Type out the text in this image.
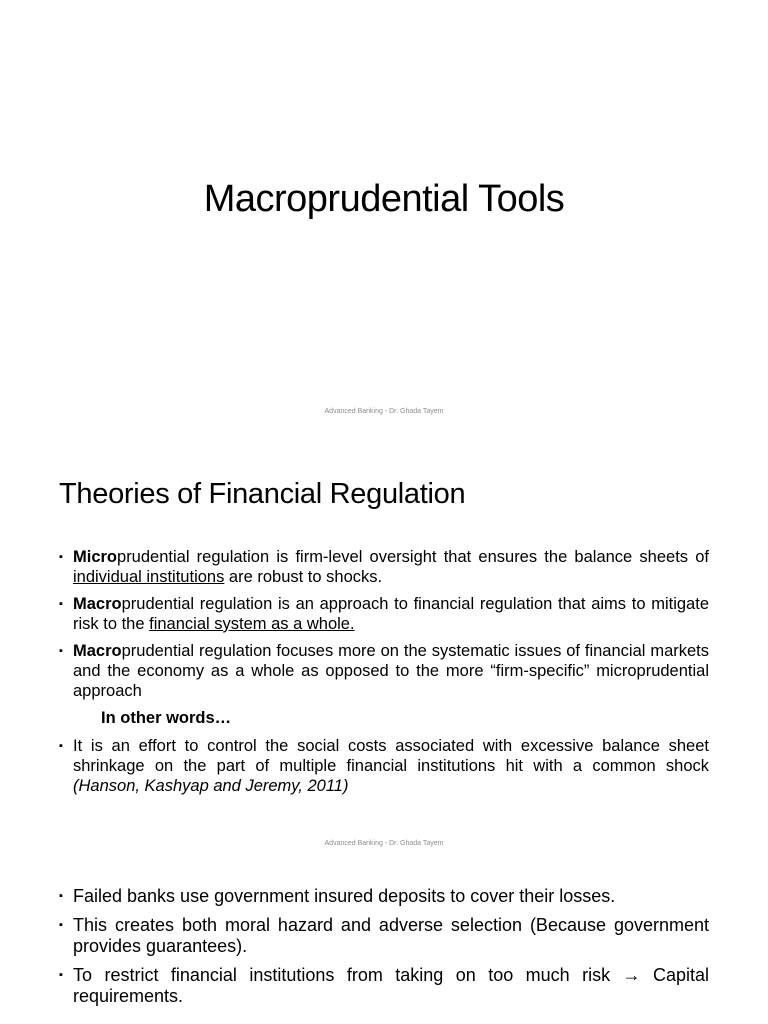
Macroprudential Tools
Advanced Banking - Dr. Ghada Tayem
Theories of Financial Regulation
▪ Microprudential regulation is firm-level oversight that ensures the balance sheets of individual institutions are robust to shocks.
▪ Macroprudential regulation is an approach to financial regulation that aims to mitigate risk to the financial system as a whole.
▪ Macroprudential regulation focuses more on the systematic issues of financial markets and the economy as a whole as opposed to the more “firm-specific” microprudential approach
In other words…
▪ It is an effort to control the social costs associated with excessive balance sheet shrinkage on the part of multiple financial institutions hit with a common shock (Hanson, Kashyap and Jeremy, 2011)
Advanced Banking - Dr. Ghada Tayem
▪ Failed banks use government insured deposits to cover their losses.
▪ This creates both moral hazard and adverse selection (Because government provides guarantees).
▪ To restrict financial institutions from taking on too much risk → Capital requirements.
